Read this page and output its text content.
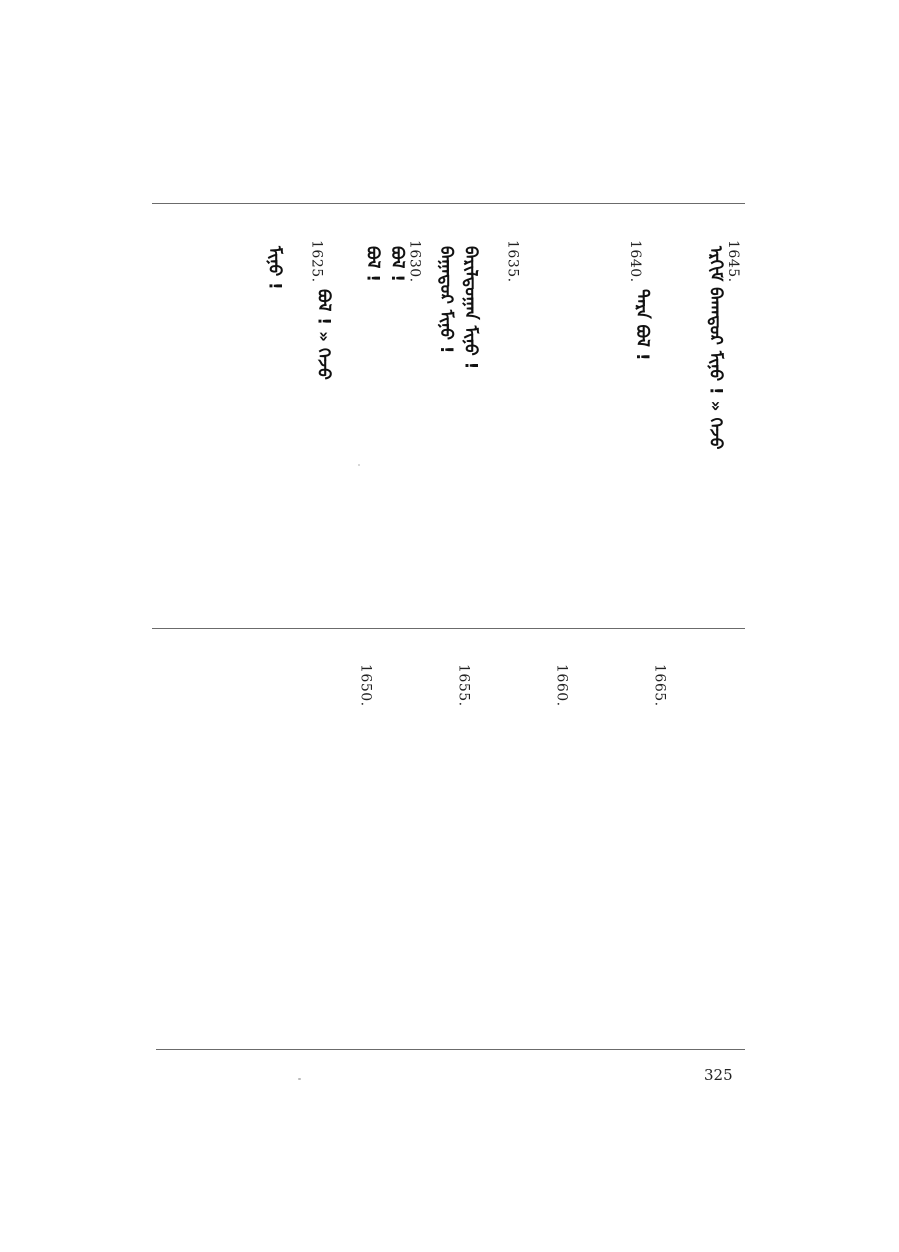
1645.
ᠡᠷᠬᠢᠮ ᠪᠠᠬᠠᠳᠤᠷ ᠮᠢᠨᠤ ! » ᠭᠡᠵᠦ
1640.
ᠲᠡᠷᠡ ᠪᠣᠯ !
1635.
ᠪᠠᠷᠢᠯᠳᠤᠭᠠᠨ ᠮᠢᠨᠤ !
ᠪᠠᠭᠠᠲᠤᠷ ᠮᠢᠨᠤ !
1630.
ᠪᠣᠯ !
ᠪᠣᠯ !
1625.
ᠪᠣᠯ ! » ᠭᠡᠵᠦ
ᠮᠢᠨᠤ !
1665.
1660.
1655.
1650.
325
